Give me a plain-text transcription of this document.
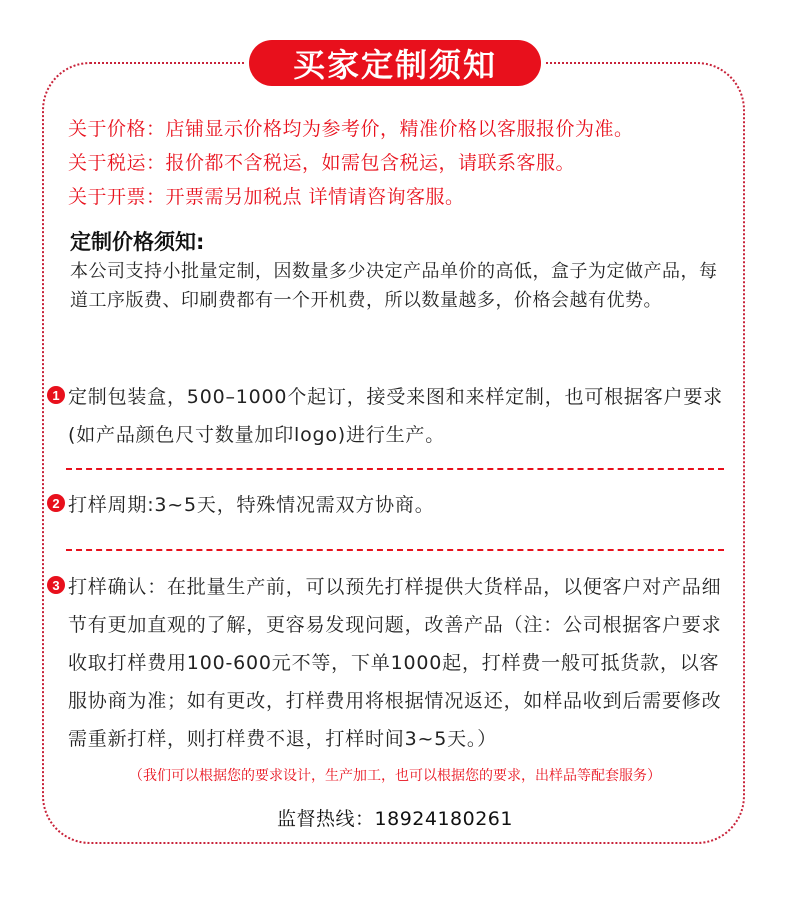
买家定制须知
关于价格：店铺显示价格均为参考价，精准价格以客服报价为准。
关于税运：报价都不含税运，如需包含税运，请联系客服。
关于开票：开票需另加税点 详情请咨询客服。
定制价格须知:
本公司支持小批量定制，因数量多少决定产品单价的高低，盒子为定做产品，每道工序版费、印刷费都有一个开机费，所以数量越多，价格会越有优势。
1 定制包装盒，500–1000个起订，接受来图和来样定制，也可根据客户要求(如产品颜色尺寸数量加印logo)进行生产。
2 打样周期:3~5天，特殊情况需双方协商。
3 打样确认：在批量生产前，可以预先打样提供大货样品，以便客户对产品细节有更加直观的了解，更容易发现问题，改善产品（注：公司根据客户要求收取打样费用100-600元不等，下单1000起，打样费一般可抵货款，以客服协商为准；如有更改，打样费用将根据情况返还，如样品收到后需要修改需重新打样，则打样费不退，打样时间3~5天。）
（我们可以根据您的要求设计，生产加工，也可以根据您的要求，出样品等配套服务）
监督热线：18924180261
